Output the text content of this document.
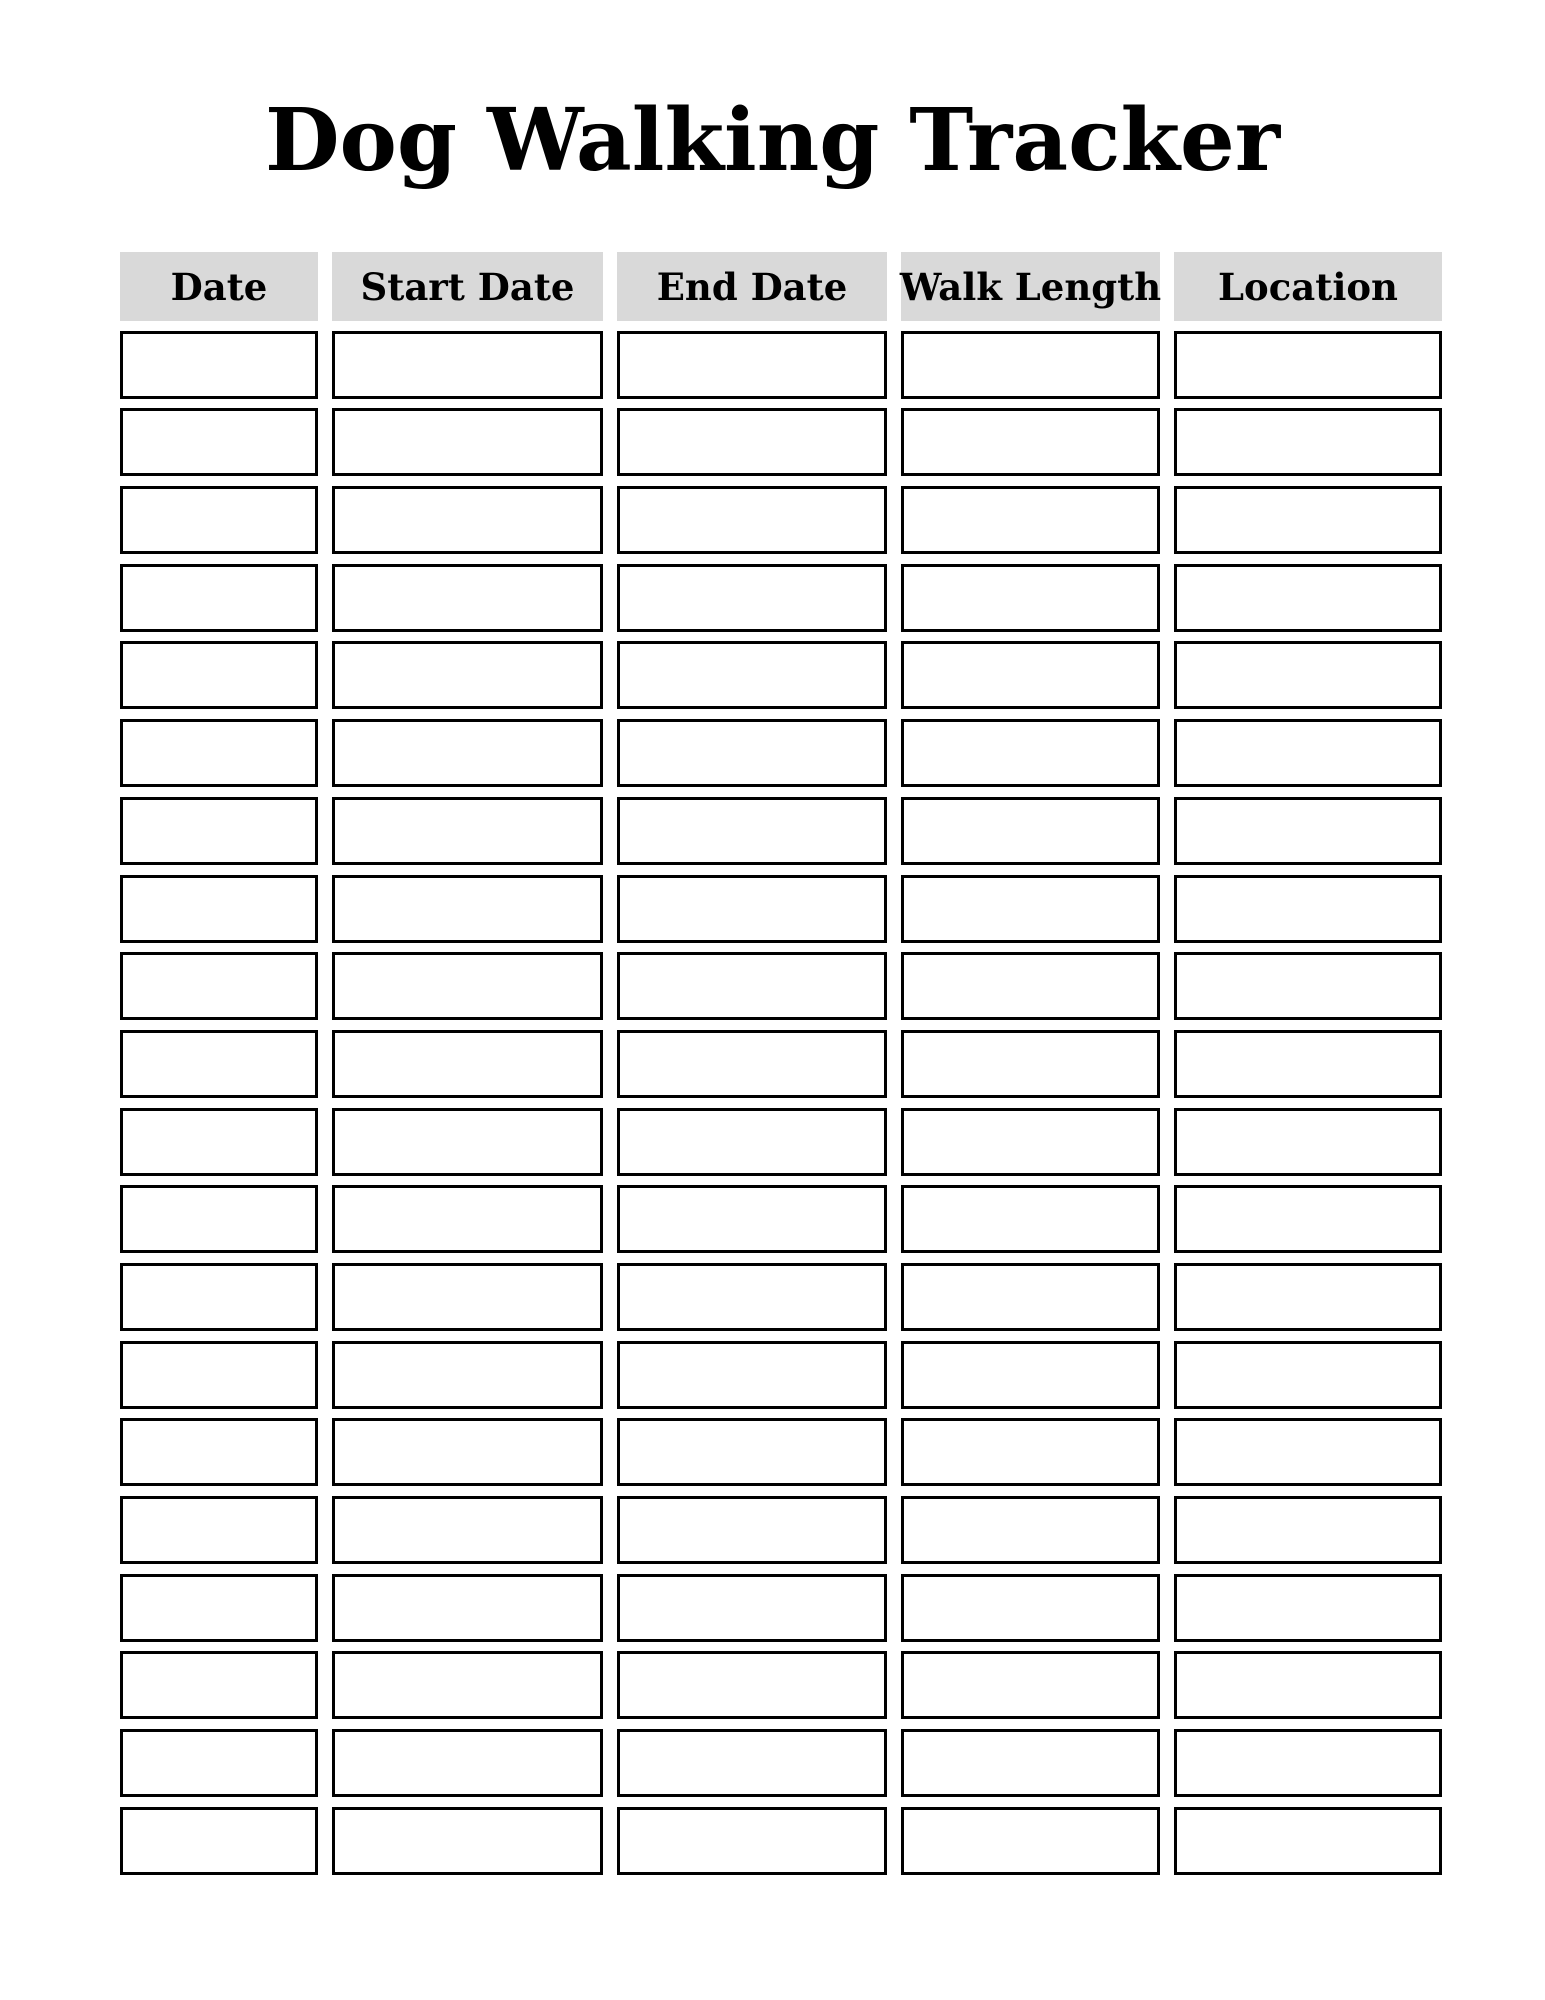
Dog Walking Tracker
Date	Start Date	End Date	Walk Length	Location
